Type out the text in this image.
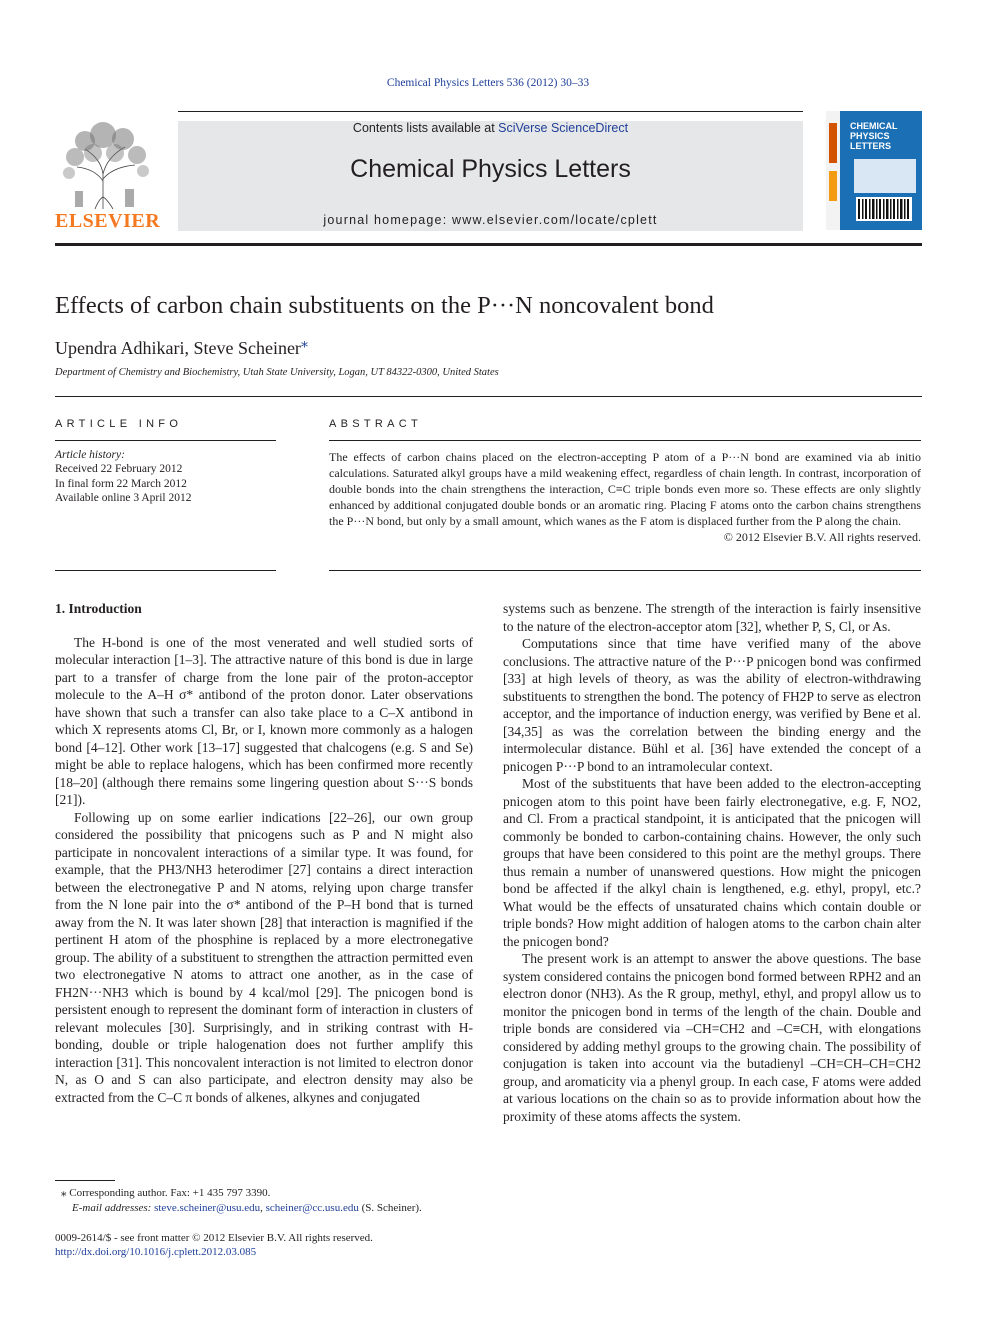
Chemical Physics Letters 536 (2012) 30–33
ELSEVIER
Contents lists available at SciVerse ScienceDirect
Chemical Physics Letters
journal homepage: www.elsevier.com/locate/cplett
CHEMICAL
PHYSICS
LETTERS
Effects of carbon chain substituents on the P···N noncovalent bond
Upendra Adhikari, Steve Scheiner⁎
Department of Chemistry and Biochemistry, Utah State University, Logan, UT 84322-0300, United States
ARTICLE INFO
Article history:
Received 22 February 2012
In final form 22 March 2012
Available online 3 April 2012
ABSTRACT
The effects of carbon chains placed on the electron-accepting P atom of a P···N bond are examined via ab initio calculations. Saturated alkyl groups have a mild weakening effect, regardless of chain length. In contrast, incorporation of double bonds into the chain strengthens the interaction, C≡C triple bonds even more so. These effects are only slightly enhanced by additional conjugated double bonds or an aromatic ring. Placing F atoms onto the carbon chains strengthens the P···N bond, but only by a small amount, which wanes as the F atom is displaced further from the P along the chain.
© 2012 Elsevier B.V. All rights reserved.
1. Introduction

The H-bond is one of the most venerated and well studied sorts of molecular interaction [1–3]. The attractive nature of this bond is due in large part to a transfer of charge from the lone pair of the proton-acceptor molecule to the A–H σ* antibond of the proton donor. Later observations have shown that such a transfer can also take place to a C–X antibond in which X represents atoms Cl, Br, or I, known more commonly as a halogen bond [4–12]. Other work [13–17] suggested that chalcogens (e.g. S and Se) might be able to replace halogens, which has been confirmed more recently [18–20] (although there remains some lingering question about S···S bonds [21]).

Following up on some earlier indications [22–26], our own group considered the possibility that pnicogens such as P and N might also participate in noncovalent interactions of a similar type. It was found, for example, that the PH3/NH3 heterodimer [27] contains a direct interaction between the electronegative P and N atoms, relying upon charge transfer from the N lone pair into the σ* antibond of the P–H bond that is turned away from the N. It was later shown [28] that interaction is magnified if the pertinent H atom of the phosphine is replaced by a more electronegative group. The ability of a substituent to strengthen the attraction permitted even two electronegative N atoms to attract one another, as in the case of FH2N···NH3 which is bound by 4 kcal/mol [29]. The pnicogen bond is persistent enough to represent the dominant form of interaction in clusters of relevant molecules [30]. Surprisingly, and in striking contrast with H-bonding, double or triple halogenation does not further amplify this interaction [31]. This noncovalent interaction is not limited to electron donor N, as O and S can also participate, and electron density may also be extracted from the C–C π bonds of alkenes, alkynes and conjugated

systems such as benzene. The strength of the interaction is fairly insensitive to the nature of the electron-acceptor atom [32], whether P, S, Cl, or As.

Computations since that time have verified many of the above conclusions. The attractive nature of the P···P pnicogen bond was confirmed [33] at high levels of theory, as was the ability of electron-withdrawing substituents to strengthen the bond. The potency of FH2P to serve as electron acceptor, and the importance of induction energy, was verified by Bene et al. [34,35] as was the correlation between the binding energy and the intermolecular distance. Bühl et al. [36] have extended the concept of a pnicogen P···P bond to an intramolecular context.

Most of the substituents that have been added to the electron-accepting pnicogen atom to this point have been fairly electronegative, e.g. F, NO2, and Cl. From a practical standpoint, it is anticipated that the pnicogen will commonly be bonded to carbon-containing chains. However, the only such groups that have been considered to this point are the methyl groups. There thus remain a number of unanswered questions. How might the pnicogen bond be affected if the alkyl chain is lengthened, e.g. ethyl, propyl, etc.? What would be the effects of unsaturated chains which contain double or triple bonds? How might addition of halogen atoms to the carbon chain alter the pnicogen bond?

The present work is an attempt to answer the above questions. The base system considered contains the pnicogen bond formed between RPH2 and an electron donor (NH3). As the R group, methyl, ethyl, and propyl allow us to monitor the pnicogen bond in terms of the length of the chain. Double and triple bonds are considered via –CH=CH2 and –C≡CH, with elongations considered by adding methyl groups to the growing chain. The possibility of conjugation is taken into account via the butadienyl –CH=CH–CH=CH2 group, and aromaticity via a phenyl group. In each case, F atoms were added at various locations on the chain so as to provide information about how the proximity of these atoms affects the system.

⁎ Corresponding author. Fax: +1 435 797 3390.
E-mail addresses: steve.scheiner@usu.edu, scheiner@cc.usu.edu (S. Scheiner).
0009-2614/$ - see front matter © 2012 Elsevier B.V. All rights reserved.
http://dx.doi.org/10.1016/j.cplett.2012.03.085
